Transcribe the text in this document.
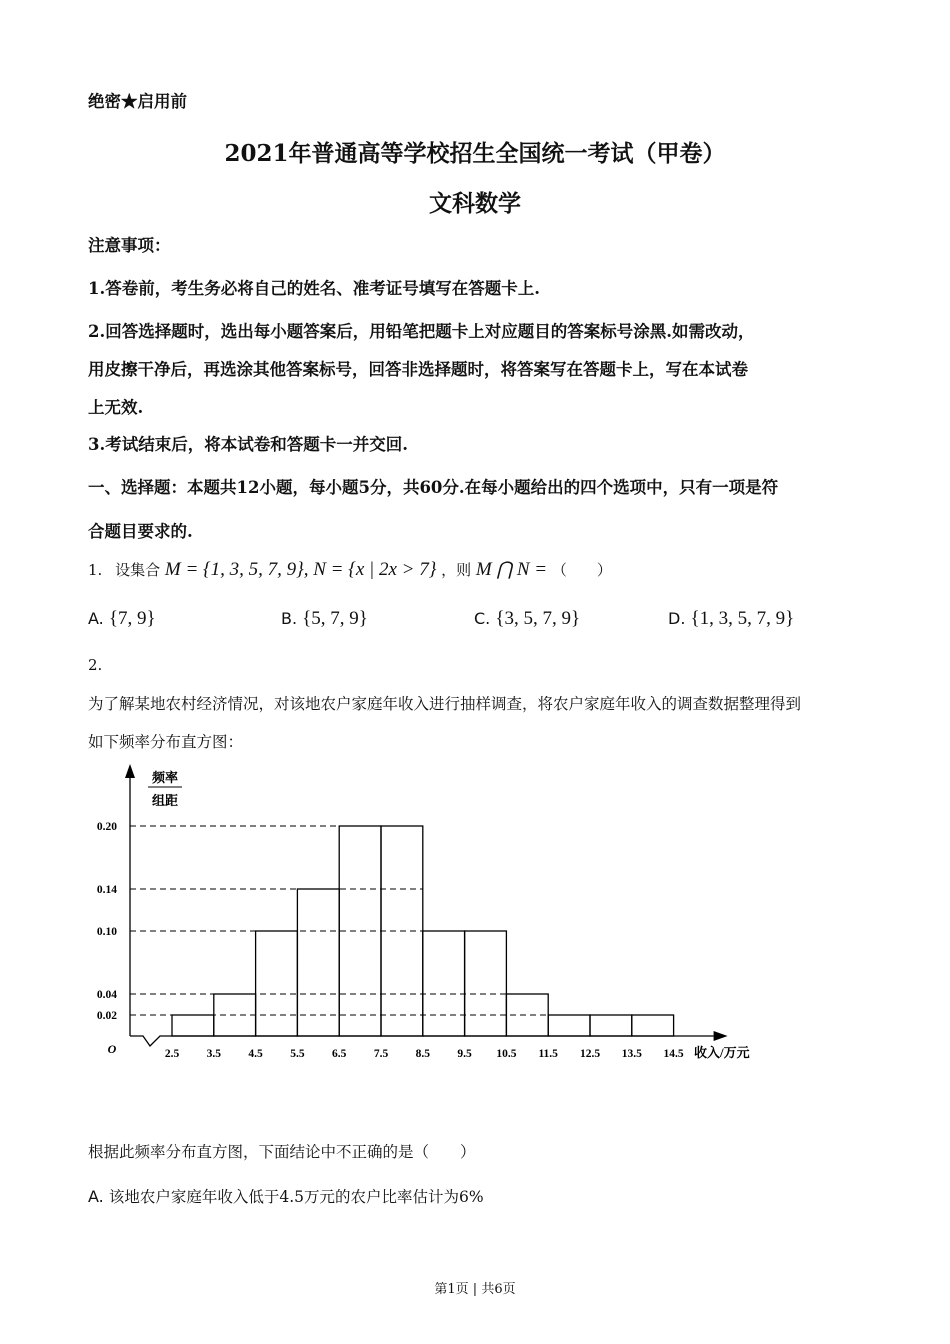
绝密★启用前
2021年普通高等学校招生全国统一考试（甲卷）
文科数学
注意事项：
1.答卷前，考生务必将自己的姓名、准考证号填写在答题卡上.
2.回答选择题时，选出每小题答案后，用铅笔把题卡上对应题目的答案标号涂黑.如需改动，
用皮擦干净后，再选涂其他答案标号，回答非选择题时，将答案写在答题卡上，写在本试卷
上无效.
3.考试结束后，将本试卷和答题卡一并交回.
一、选择题：本题共12小题，每小题5分，共60分.在每小题给出的四个选项中，只有一项是符
合题目要求的.
1. 设集合 M = {1, 3, 5, 7, 9}, N = {x | 2x > 7} ，则 M ⋂ N = （　　）
A. {7, 9}	B. {5, 7, 9}	C. {3, 5, 7, 9}	D. {1, 3, 5, 7, 9}
2.
为了解某地农村经济情况，对该地农户家庭年收入进行抽样调查，将农户家庭年收入的调查数据整理得到
如下频率分布直方图：
频率
组距
0.02
0.04
0.10
0.14
0.20
2.5 3.5 4.5 5.5 6.5 7.5 8.5 9.5 10.5 11.5 12.5 13.5 14.5
O	收入/万元
根据此频率分布直方图，下面结论中不正确的是（　　）
A. 该地农户家庭年收入低于4.5万元的农户比率估计为6%
第1页 | 共6页
